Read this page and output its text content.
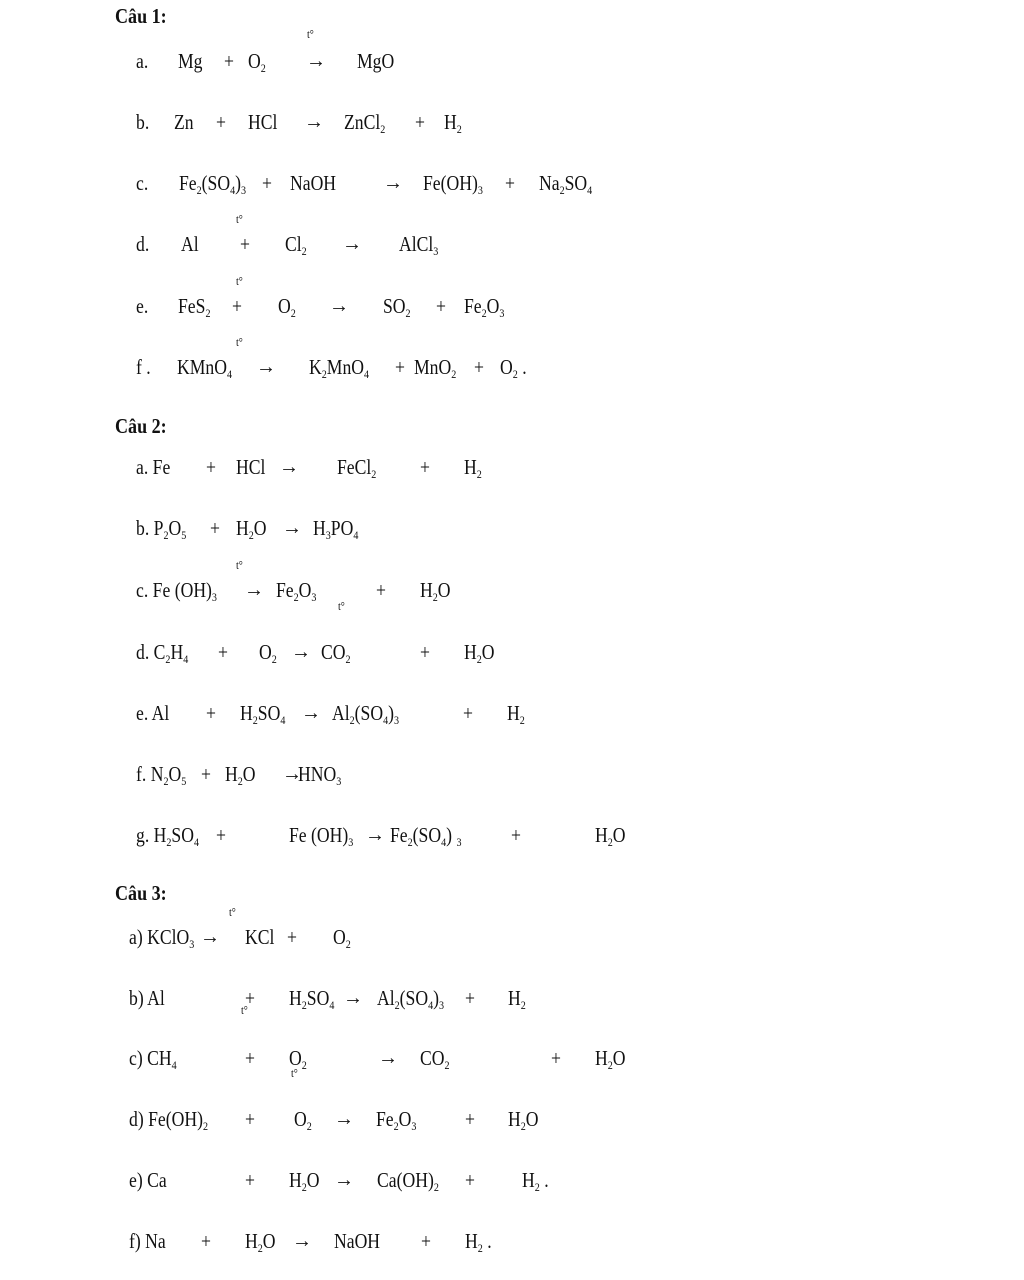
Câu 1:
a. $Mg + O_2$ → MgO
t°
b. Zn + HCl → ZnCl$_2$ + $H_2$
c. $Fe_2(SO_4)_3$ + NaOH → $Fe(OH)_3 + Na_2SO_4$
d. $Al + Cl_2$ → AlCl$_3$
t°
e. $FeS_2 + O_2 \to SO_2 + Fe_2O_3$
t°
f . KMnO$_4$ → $K_2MnO_4 + MnO_2 + O_2$ .
t°
Câu 2:
a. Fe + HCl → FeCl$_2$ + $H_2$
b. $P_2O_5 + H_2O \to H_3PO_4$
c. Fe $(OH)_3 \to Fe_2O_3$	+ $H_2O$
t°
d. $C_2H_4 + O_2 \to CO_2$	+ $H_2O$
t°
e. $Al + H_2SO_4 \to Al_2(SO_4)_3$	+ $H_2$
f. $N_2O_5 + H_2O$ →
$HNO_3$
g. $H_2SO_4$ +	Fe $(OH)_3 \to Fe_2(SO_4) _3$ +	$H_2O$
Câu 3:
a) KClO$_3$ → KCl + $O_2$
t°
b) Al	+ $H_2SO_4 \to Al_2(SO_4)_3 + H_2$
c) $CH_4$	+ $O_2$	→ $CO_2$	+ $H_2O$
t°
d) $Fe(OH)_2 + O_2 \to Fe_2O_3 + H_2O$
t°
e) Ca	+ $H_2O \to Ca(OH)_2 + H_2$ .
f) $Na + H_2O$ → NaOH + $H_2$ .
